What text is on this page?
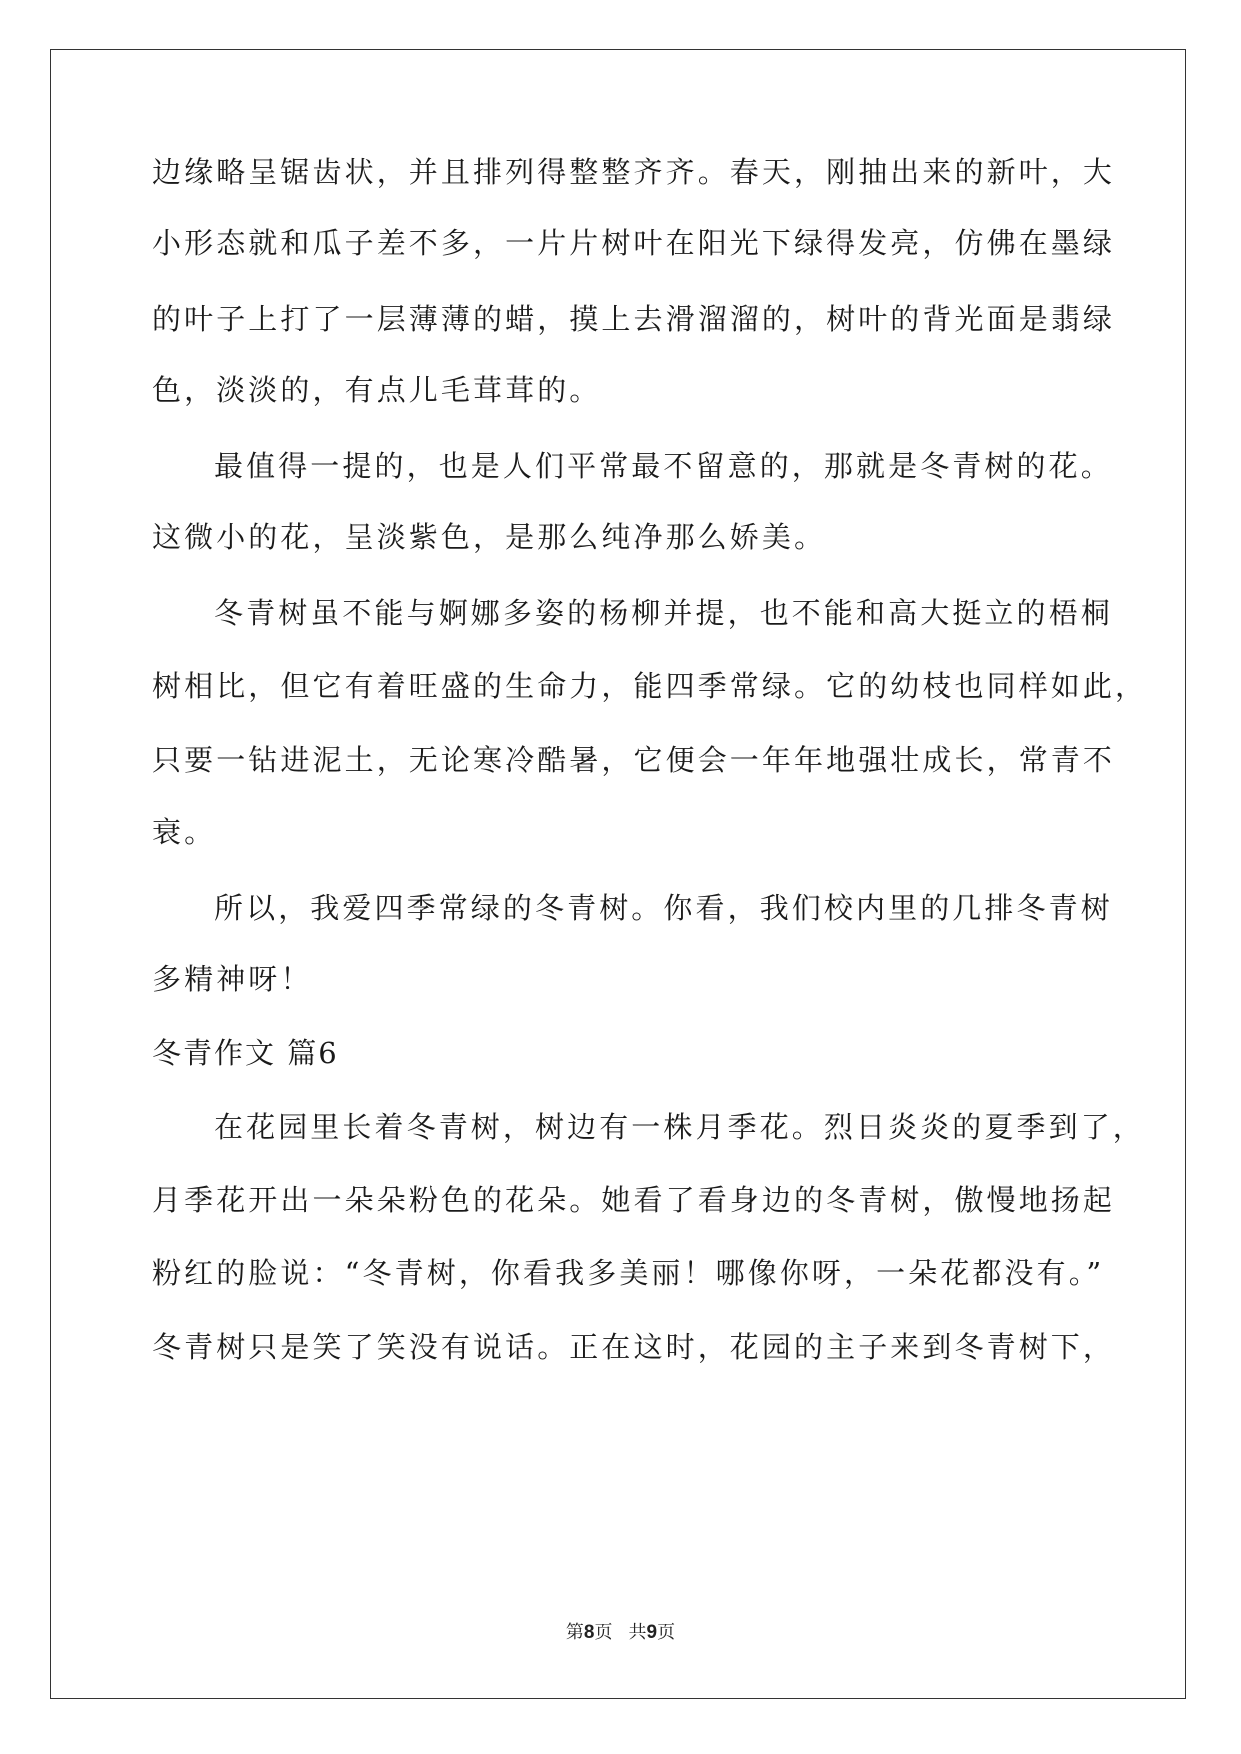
边缘略呈锯齿状，并且排列得整整齐齐。春天，刚抽出来的新叶，大

小形态就和瓜子差不多，一片片树叶在阳光下绿得发亮，仿佛在墨绿

的叶子上打了一层薄薄的蜡，摸上去滑溜溜的，树叶的背光面是翡绿

色，淡淡的，有点儿毛茸茸的。

最值得一提的，也是人们平常最不留意的，那就是冬青树的花。

这微小的花，呈淡紫色，是那么纯净那么娇美。

冬青树虽不能与婀娜多姿的杨柳并提，也不能和高大挺立的梧桐

树相比，但它有着旺盛的生命力，能四季常绿。它的幼枝也同样如此，

只要一钻进泥土，无论寒冷酷暑，它便会一年年地强壮成长，常青不

衰。

所以，我爱四季常绿的冬青树。你看，我们校内里的几排冬青树

多精神呀！

冬青作文 篇6

在花园里长着冬青树，树边有一株月季花。烈日炎炎的夏季到了，

月季花开出一朵朵粉色的花朵。她看了看身边的冬青树，傲慢地扬起

粉红的脸说：“冬青树，你看我多美丽！哪像你呀，一朵花都没有。”

冬青树只是笑了笑没有说话。正在这时，花园的主子来到冬青树下，

第8页 共9页
